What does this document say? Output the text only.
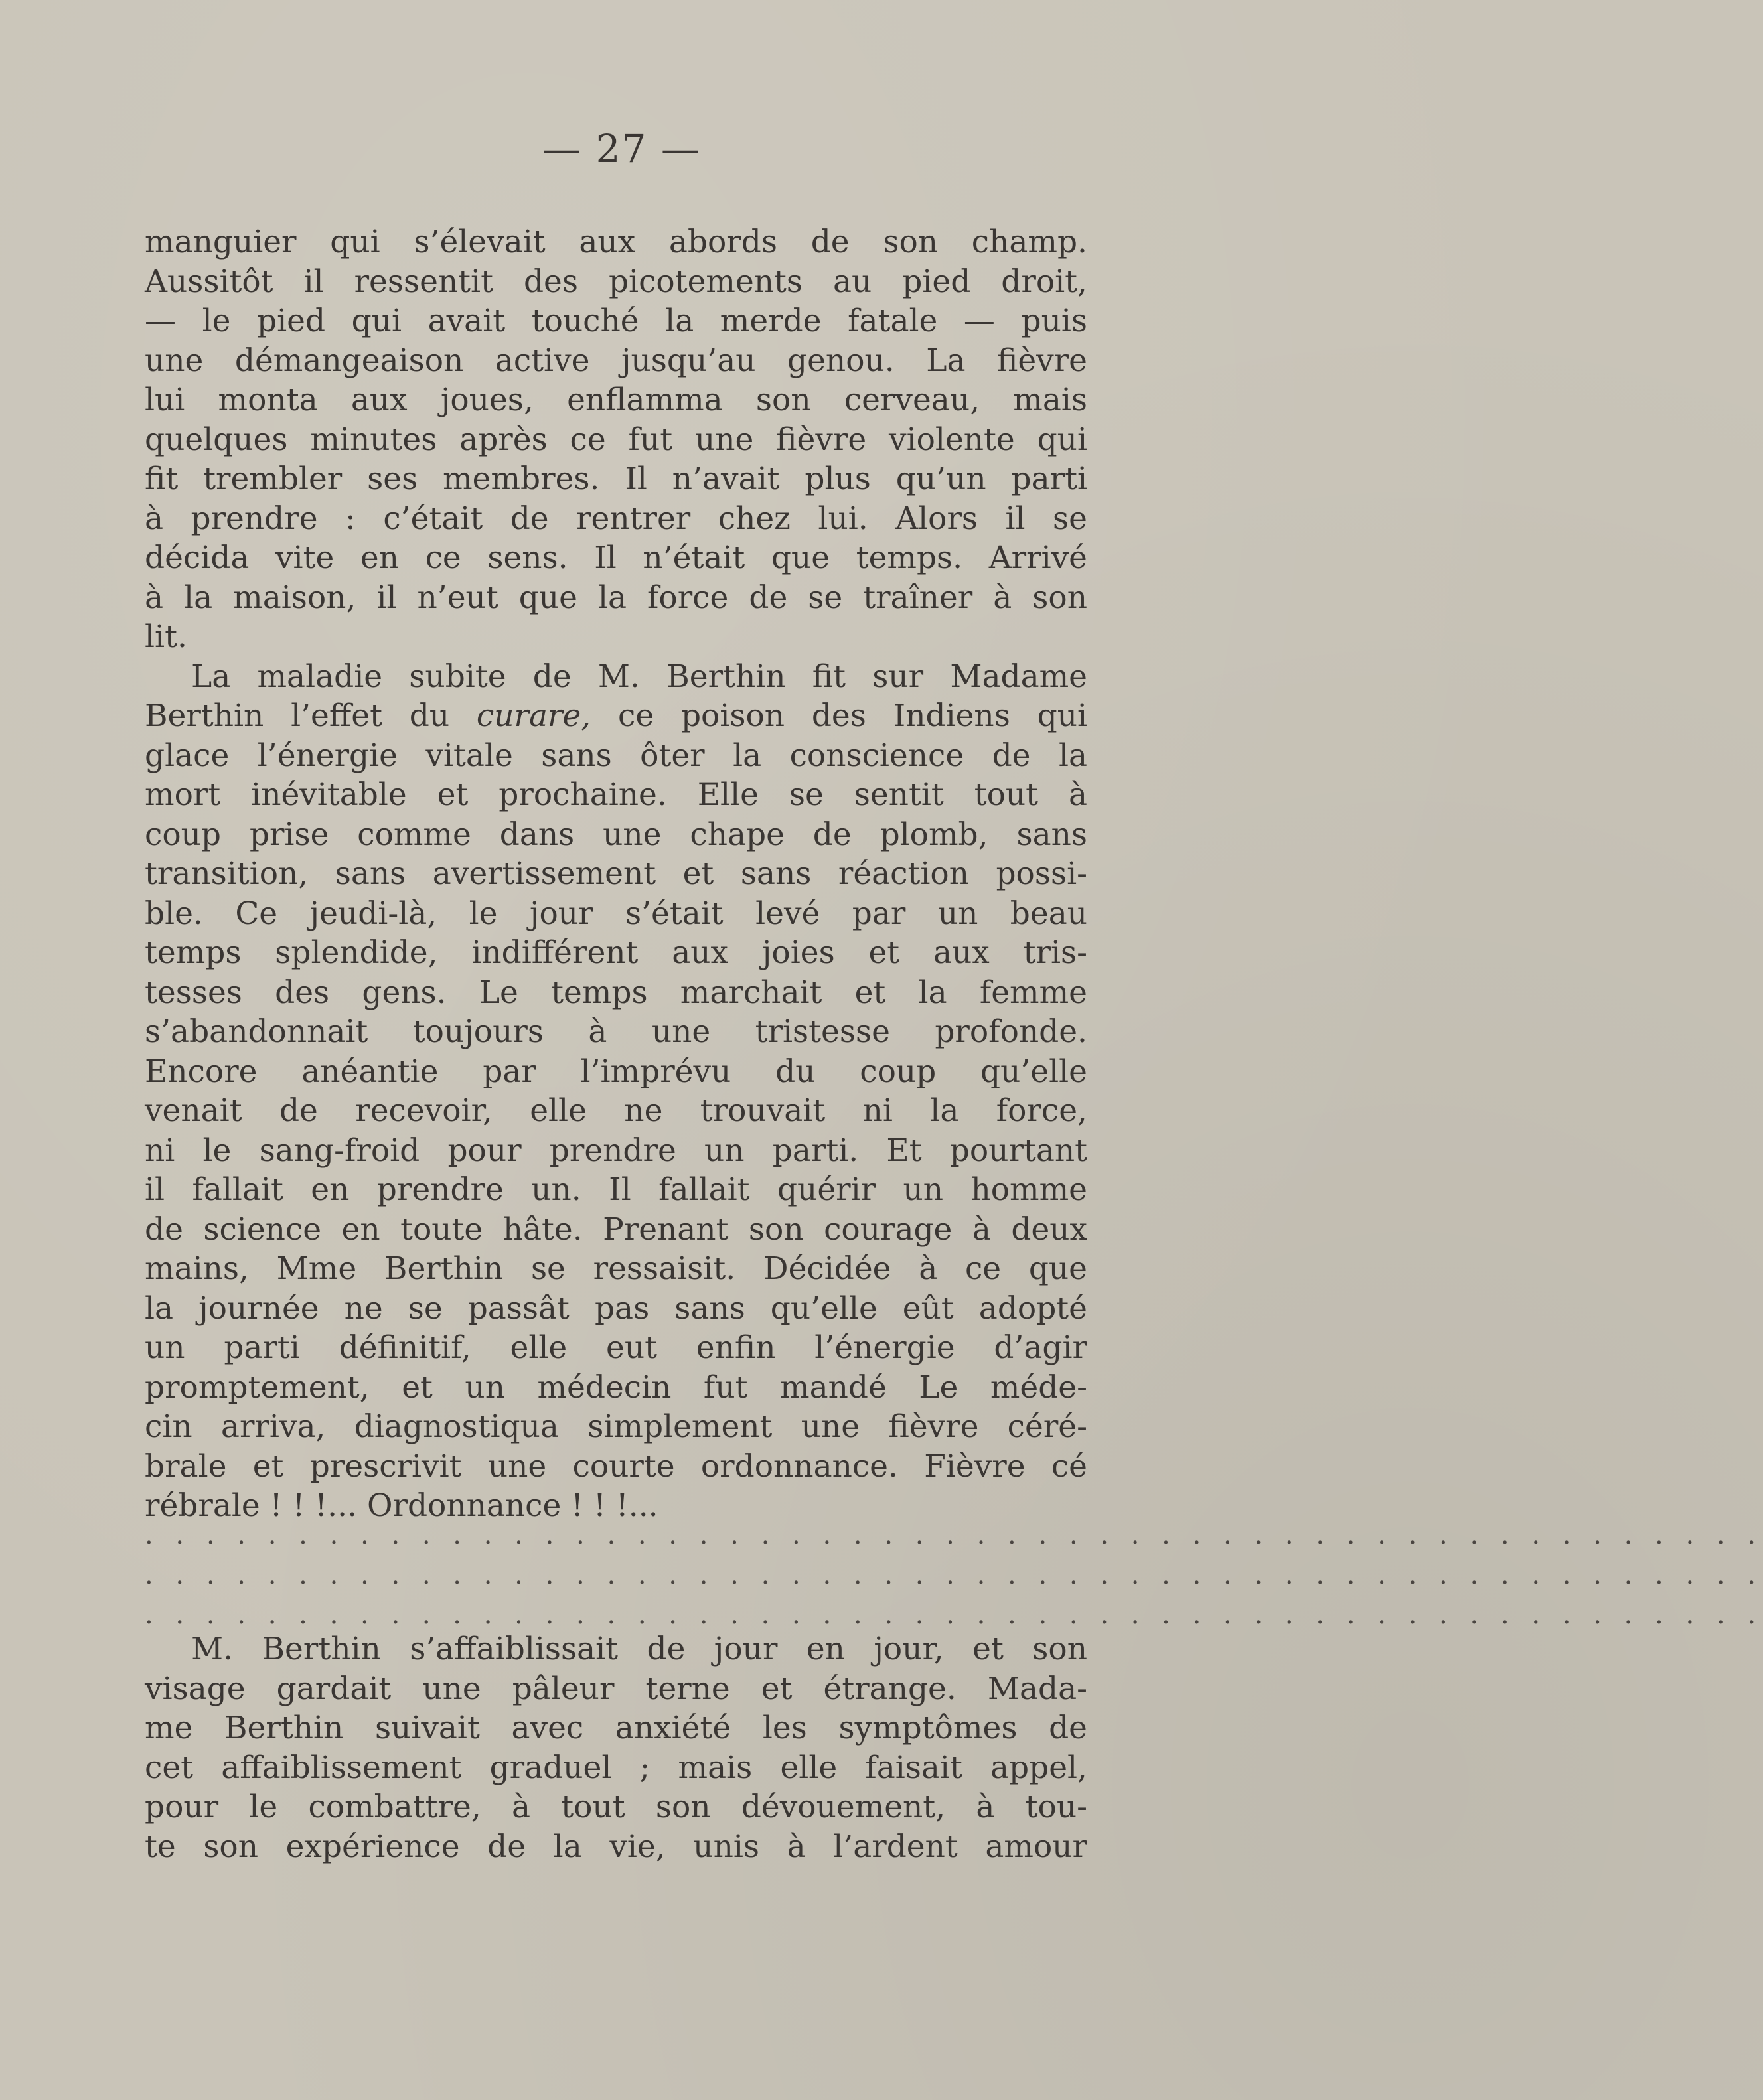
— 27 —
manguier qui s’élevait aux abords de son champ.
Aussitôt il ressentit des picotements au pied droit,
— le pied qui avait touché la merde fatale — puis
une démangeaison active jusqu’au genou. La fièvre
lui monta aux joues, enflamma son cerveau, mais
quelques minutes après ce fut une fièvre violente qui
fit trembler ses membres. Il n’avait plus qu’un parti
à prendre : c’était de rentrer chez lui. Alors il se
décida vite en ce sens. Il n’était que temps. Arrivé
à la maison, il n’eut que la force de se traîner à son
lit.
La maladie subite de M. Berthin fit sur Madame
Berthin l’effet du curare, ce poison des Indiens qui
glace l’énergie vitale sans ôter la conscience de la
mort inévitable et prochaine. Elle se sentit tout à
coup prise comme dans une chape de plomb, sans
transition, sans avertissement et sans réaction possi-
ble. Ce jeudi-là, le jour s’était levé par un beau
temps splendide, indifférent aux joies et aux tris-
tesses des gens. Le temps marchait et la femme
s’abandonnait toujours à une tristesse profonde.
Encore anéantie par l’imprévu du coup qu’elle
venait de recevoir, elle ne trouvait ni la force,
ni le sang-froid pour prendre un parti. Et pourtant
il fallait en prendre un. Il fallait quérir un homme
de science en toute hâte. Prenant son courage à deux
mains, Mme Berthin se ressaisit. Décidée à ce que
la journée ne se passât pas sans qu’elle eût adopté
un parti définitif, elle eut enfin l’énergie d’agir
promptement, et un médecin fut mandé Le méde-
cin arriva, diagnostiqua simplement une fièvre céré-
brale et prescrivit une courte ordonnance. Fièvre cé
rébrale ! ! !... Ordonnance ! ! !...
. . . . . . . . . . . . . . . . . . . . . . . . . . . . . . . . . . . . . . . . . . . . . . . . . . . . .
. . . . . . . . . . . . . . . . . . . . . . . . . . . . . . . . . . . . . . . . . . . . . . . . . . . . .
. . . . . . . . . . . . . . . . . . . . . . . . . . . . . . . . . . . . . . . . . . . . . . . . . . . . .
M. Berthin s’affaiblissait de jour en jour, et son
visage gardait une pâleur terne et étrange. Mada-
me Berthin suivait avec anxiété les symptômes de
cet affaiblissement graduel ; mais elle faisait appel,
pour le combattre, à tout son dévouement, à tou-
te son expérience de la vie, unis à l’ardent amour
